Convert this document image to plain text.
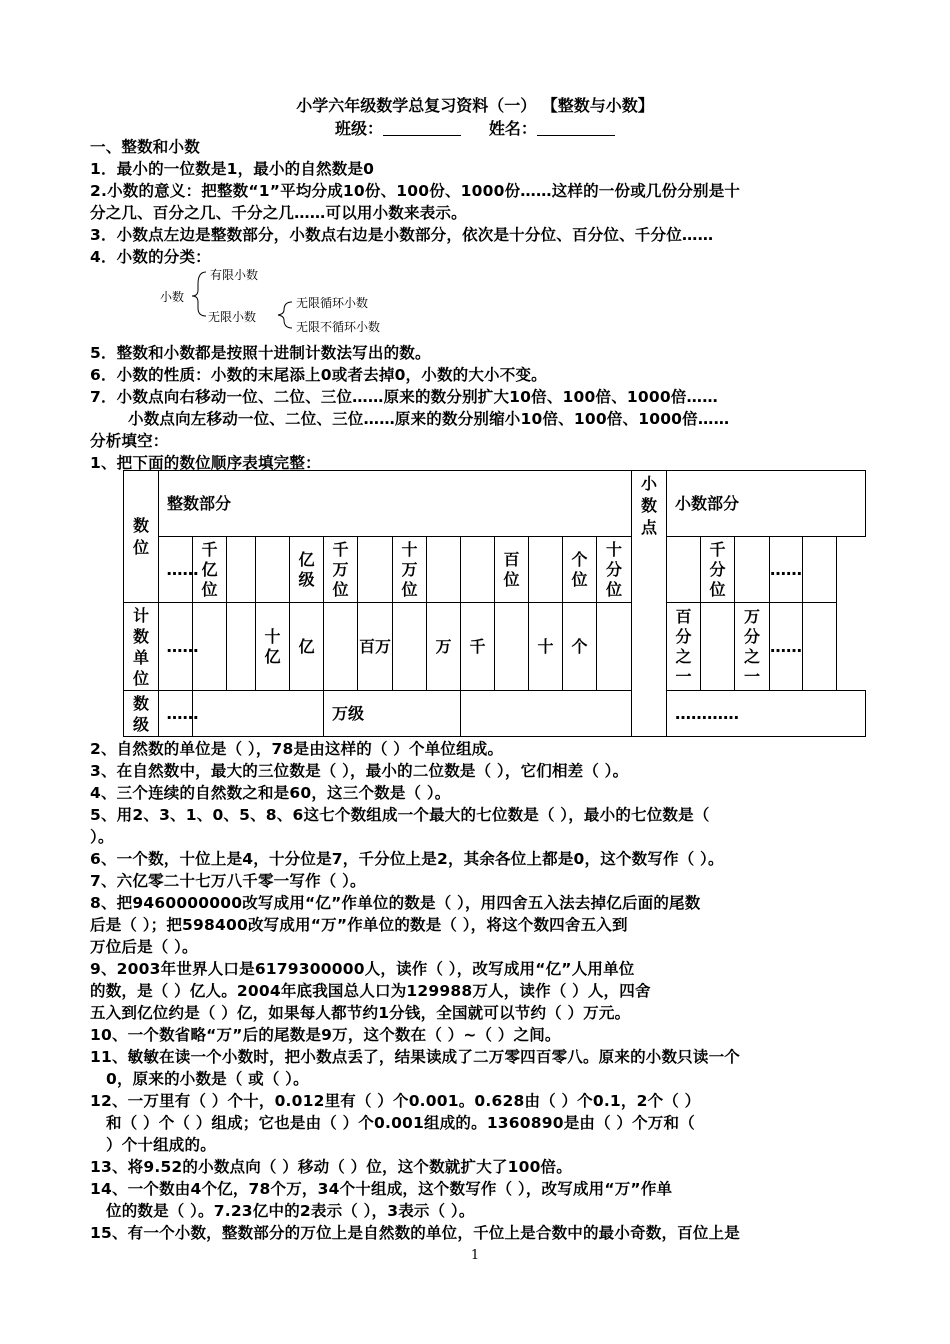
小学六年级数学总复习资料（一） 【整数与小数】
班级：	姓名：
一、整数和小数
1．最小的一位数是1，最小的自然数是0
2.小数的意义：把整数“1”平均分成10份、100份、1000份……这样的一份或几份分别是十
分之几、百分之几、千分之几……可以用小数来表示。
3．小数点左边是整数部分，小数点右边是小数部分，依次是十分位、百分位、千分位……
4．小数的分类：
小数
有限小数
无限小数
无限循环小数
无限不循环小数
5．整数和小数都是按照十进制计数法写出的数。
6．小数的性质：小数的末尾添上0或者去掉0，小数的大小不变。
7．小数点向右移动一位、二位、三位……原来的数分别扩大10倍、100倍、1000倍……
小数点向左移动一位、二位、三位……原来的数分别缩小10倍、100倍、1000倍……
分析填空：
1、把下面的数位顺序表填完整：
数位	整数部分														小数点	小数部分				
	……	千亿位			亿级	千万位		十万位			百位		个位	十分位			千分位		……	
计数单位	……			十亿	亿		百万		万	千		十	个			百分之一		万分之一	……	
数级	……					万级										…………				
2、自然数的单位是（ ），78是由这样的（ ）个单位组成。
3、在自然数中，最大的三位数是（ ），最小的二位数是（ ），它们相差（ ）。
4、三个连续的自然数之和是60，这三个数是（ ）。
5、用2、3、1、0、5、8、6这七个数组成一个最大的七位数是（ ），最小的七位数是（
）。
6、一个数，十位上是4，十分位是7，千分位上是2，其余各位上都是0，这个数写作（ ）。
7、六亿零二十七万八千零一写作（ ）。
8、把9460000000改写成用“亿”作单位的数是（ ），用四舍五入法去掉亿后面的尾数
后是（ ）；把598400改写成用“万”作单位的数是（ ），将这个数四舍五入到
万位后是（ ）。
9、2003年世界人口是6179300000人，读作（ ），改写成用“亿”人用单位
的数，是（ ）亿人。2004年底我国总人口为129988万人，读作（ ）人，四舍
五入到亿位约是（ ）亿，如果每人都节约1分钱，全国就可以节约（ ）万元。
10、一个数省略“万”后的尾数是9万，这个数在（ ）~（ ）之间。
11、敏敏在读一个小数时，把小数点丢了，结果读成了二万零四百零八。原来的小数只读一个
0，原来的小数是（ 或（ ）。
12、一万里有（ ）个十，0.012里有（ ）个0.001。0.628由（ ）个0.1，2个（ ）
和（ ）个（ ）组成；它也是由（ ）个0.001组成的。1360890是由（ ）个万和（
）个十组成的。
13、将9.52的小数点向（ ）移动（ ）位，这个数就扩大了100倍。
14、一个数由4个亿，78个万，34个十组成，这个数写作（ ），改写成用“万”作单
位的数是（ ）。7.23亿中的2表示（ ），3表示（ ）。
15、有一个小数，整数部分的万位上是自然数的单位，千位上是合数中的最小奇数，百位上是
1
